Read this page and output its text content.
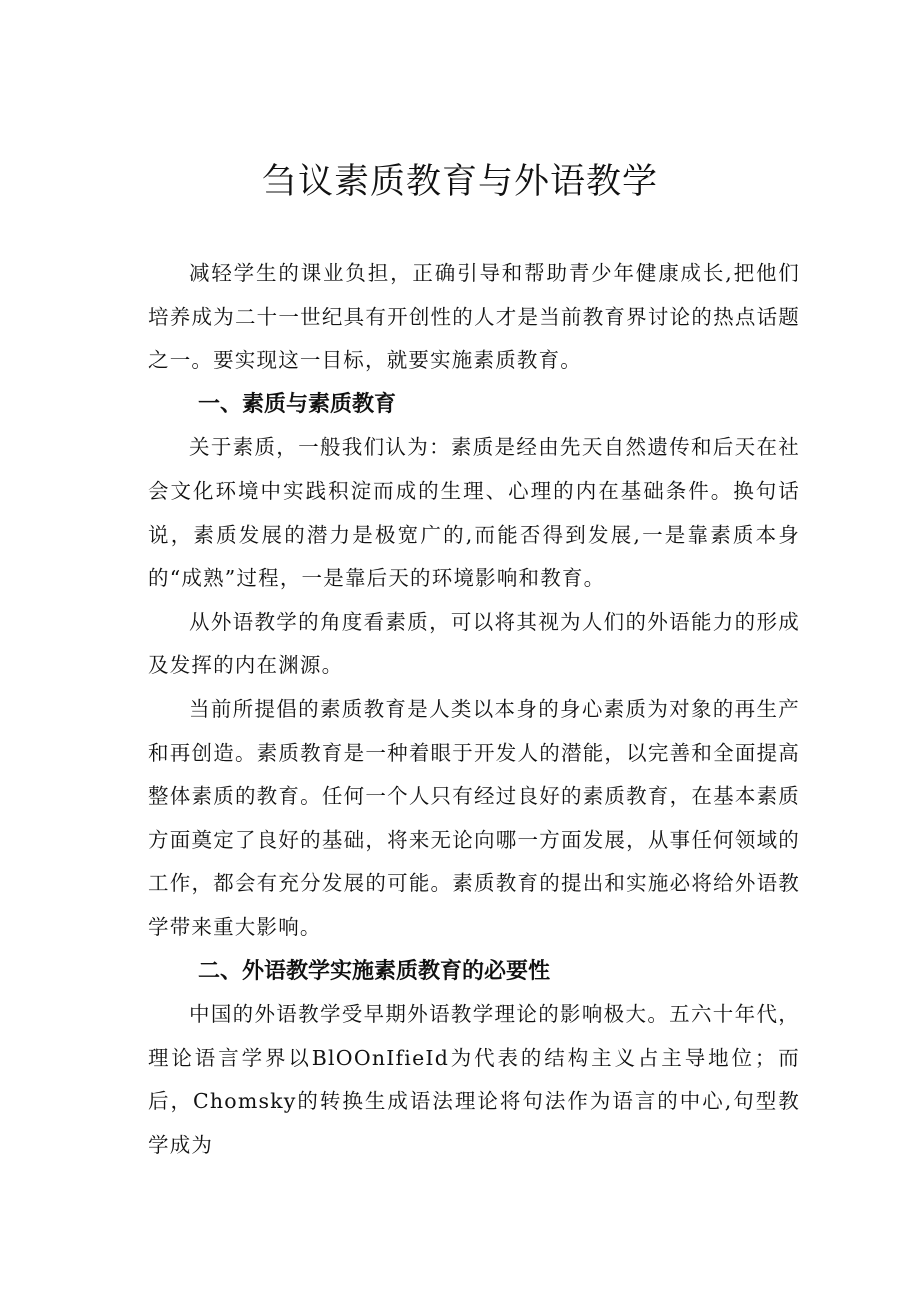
刍议素质教育与外语教学

减轻学生的课业负担，正确引导和帮助青少年健康成长,把他们培养成为二十一世纪具有开创性的人才是当前教育界讨论的热点话题之一。要实现这一目标，就要实施素质教育。

一、素质与素质教育

关于素质，一般我们认为：素质是经由先天自然遗传和后天在社会文化环境中实践积淀而成的生理、心理的内在基础条件。换句话说，素质发展的潜力是极宽广的,而能否得到发展,一是靠素质本身的“成熟”过程，一是靠后天的环境影响和教育。

从外语教学的角度看素质，可以将其视为人们的外语能力的形成及发挥的内在渊源。

当前所提倡的素质教育是人类以本身的身心素质为对象的再生产和再创造。素质教育是一种着眼于开发人的潜能，以完善和全面提高整体素质的教育。任何一个人只有经过良好的素质教育，在基本素质方面奠定了良好的基础，将来无论向哪一方面发展，从事任何领域的工作，都会有充分发展的可能。素质教育的提出和实施必将给外语教学带来重大影响。

二、外语教学实施素质教育的必要性

中国的外语教学受早期外语教学理论的影响极大。五六十年代，理论语言学界以BlOOnIfieId为代表的结构主义占主导地位；而后，Chomsky的转换生成语法理论将句法作为语言的中心,句型教学成为
